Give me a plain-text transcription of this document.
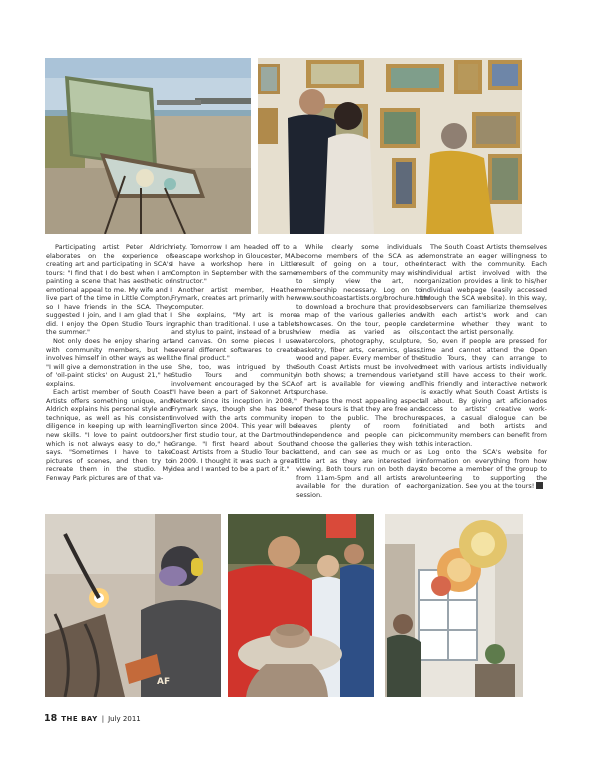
Participating artist Peter Aldrich elaborates on the experience of creating art and participating in SCA's tours: "I find that I do best when I am painting a scene that has aesthetic or emotional appeal to me. My wife and I live part of the time in Little Compton, so I have friends in the SCA. They suggested I join, and I am glad that I did. I enjoy the Open Studio Tours in the summer."

Not only does he enjoy sharing art with community members, but he involves himself in other ways as well. "I will give a demonstration in the use of 'oil-paint sticks' on August 21," he explains.

Each artist member of South Coast Artists offers something unique, and Aldrich explains his personal style and technique, as well as his consistent diligence in keeping up with learning new skills. "I love to paint outdoors, which is not always easy to do," he says. "Sometimes I have to take pictures of scenes, and then try to recreate them in the studio. My Fenway Park pictures are of that va-

riety. Tomorrow I am headed off to a seascape workshop in Gloucester, MA. I have a workshop here in Little Compton in September with the same instructor."

Another artist member, Heather Frymark, creates art primarily with her computer.

She explains, "My art is more graphic than traditional. I use a tablet and stylus to paint, instead of a brush and canvas. On some pieces I use several different softwares to create the final product."

She, too, was intrigued by the Studio Tours and community involvement encouraged by the SCA. "I have been a part of Sakonnet Arts Network since its inception in 2008," Frymark says, though she has been involved with the arts community in Tiverton since 2004. This year will be her first studio tour, at the Dartmouth Grange. "I first heard about South Coast Artists from a Studio Tour back in 2009. I thought it was such a great idea and I wanted to be a part of it."

While clearly some individuals become members of the SCA as a result of going on a tour, other members of the community may wish to simply view the art, no membership necessary. Log on to www.southcoastartists.org/brochure.html to download a brochure that provides a map of the various galleries and showcases. On the tour, people can view media as varied as oils, watercolors, photography, sculpture, basketry, fiber arts, ceramics, glass, wood and paper. Every member of the South Coast Artists must be involved in both shows; a tremendous variety of art is available for viewing and purchase.

Perhaps the most appealing aspect of these tours is that they are free and open to the public. The brochure leaves plenty of room for independence and people can pick and choose the galleries they wish to attend, and can see as much or as little art as they are interested in viewing. Both tours run on both days from 11am-5pm and all artists are available for the duration of each session.

The South Coast Artists themselves demonstrate an eager willingness to interact with the community. Each individual artist involved with the organization provides a link to his/her individual webpage (easily accessed through the SCA website). In this way, observers can familiarize themselves with each artist's work and can determine whether they want to contact the artist personally.

So, even if people are pressed for time and cannot attend the Open Studio Tours, they can arrange to meet with various artists individually and still have access to their work. This friendly and interactive network is exactly what South Coast Artists is all about. By giving art aficionados access to artists' creative work-spaces, a casual dialogue can be initiated and both artists and community members can benefit from this interaction.

Log onto the SCA's website for information on everything from how to become a member of the group to volunteering to supporting the organization. See you at the tours!

AF
18 THE BAY | July 2011
